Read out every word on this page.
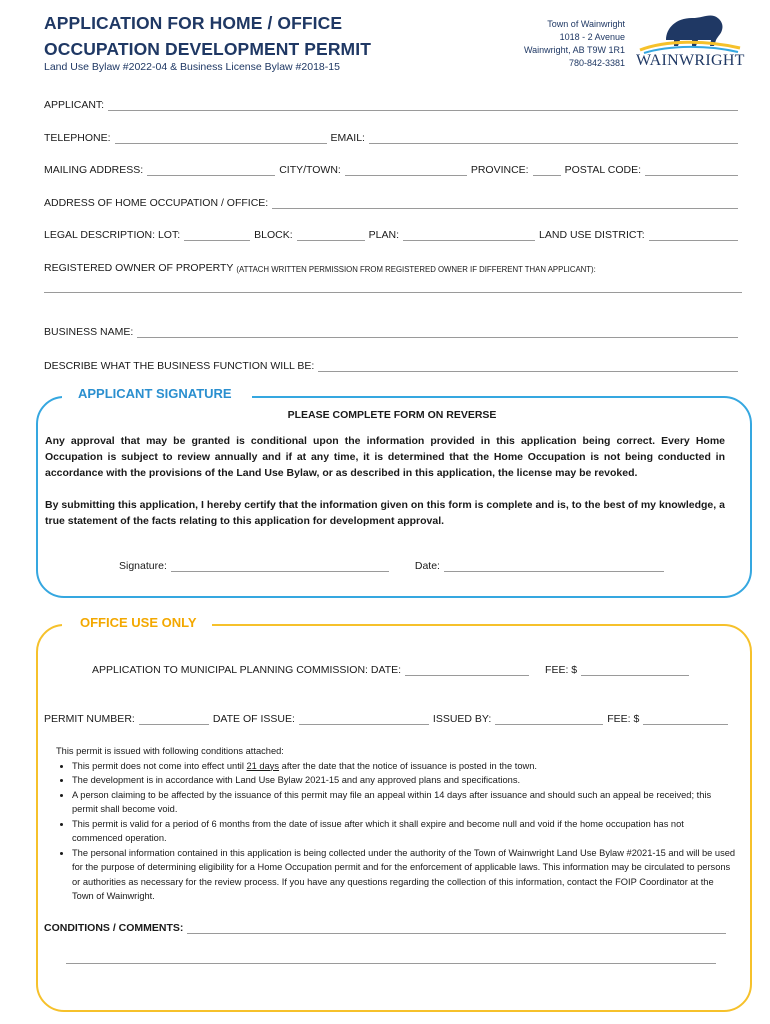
APPLICATION FOR HOME / OFFICE
OCCUPATION DEVELOPMENT PERMIT
Land Use Bylaw #2022-04 & Business License Bylaw #2018-15
Town of Wainwright
1018 - 2 Avenue
Wainwright, AB T9W 1R1
780-842-3381 WAINWRIGHT
APPLICANT:
TELEPHONE:	EMAIL:
MAILING ADDRESS:	CITY/TOWN:	PROVINCE:	POSTAL CODE:
ADDRESS OF HOME OCCUPATION / OFFICE:
LEGAL DESCRIPTION: LOT:	BLOCK:	PLAN:	LAND USE DISTRICT:
REGISTERED OWNER OF PROPERTY (ATTACH WRITTEN PERMISSION FROM REGISTERED OWNER IF DIFFERENT THAN APPLICANT):
BUSINESS NAME:
DESCRIBE WHAT THE BUSINESS FUNCTION WILL BE:
APPLICANT SIGNATURE
PLEASE COMPLETE FORM ON REVERSE
Any approval that may be granted is conditional upon the information provided in this application being correct. Every Home Occupation is subject to review annually and if at any time, it is determined that the Home Occupation is not being conducted in accordance with the provisions of the Land Use Bylaw, or as described in this application, the license may be revoked.
By submitting this application, I hereby certify that the information given on this form is complete and is, to the best of my knowledge, a true statement of the facts relating to this application for development approval.
Signature:	Date:
OFFICE USE ONLY
APPLICATION TO MUNICIPAL PLANNING COMMISSION: DATE:	FEE: $
PERMIT NUMBER:	DATE OF ISSUE:	ISSUED BY:	FEE: $
This permit is issued with following conditions attached:
• This permit does not come into effect until 21 days after the date that the notice of issuance is posted in the town.
• The development is in accordance with Land Use Bylaw 2021-15 and any approved plans and specifications.
• A person claiming to be affected by the issuance of this permit may file an appeal within 14 days after issuance and should such an appeal be received; this permit shall become void.
• This permit is valid for a period of 6 months from the date of issue after which it shall expire and become null and void if the home occupation has not commenced operation.
• The personal information contained in this application is being collected under the authority of the Town of Wainwright Land Use Bylaw #2021-15 and will be used for the purpose of determining eligibility for a Home Occupation permit and for the enforcement of applicable laws. This information may be circulated to persons or authorities as necessary for the review process. If you have any questions regarding the collection of this information, contact the FOIP Coordinator at the Town of Wainwright.
CONDITIONS / COMMENTS:
